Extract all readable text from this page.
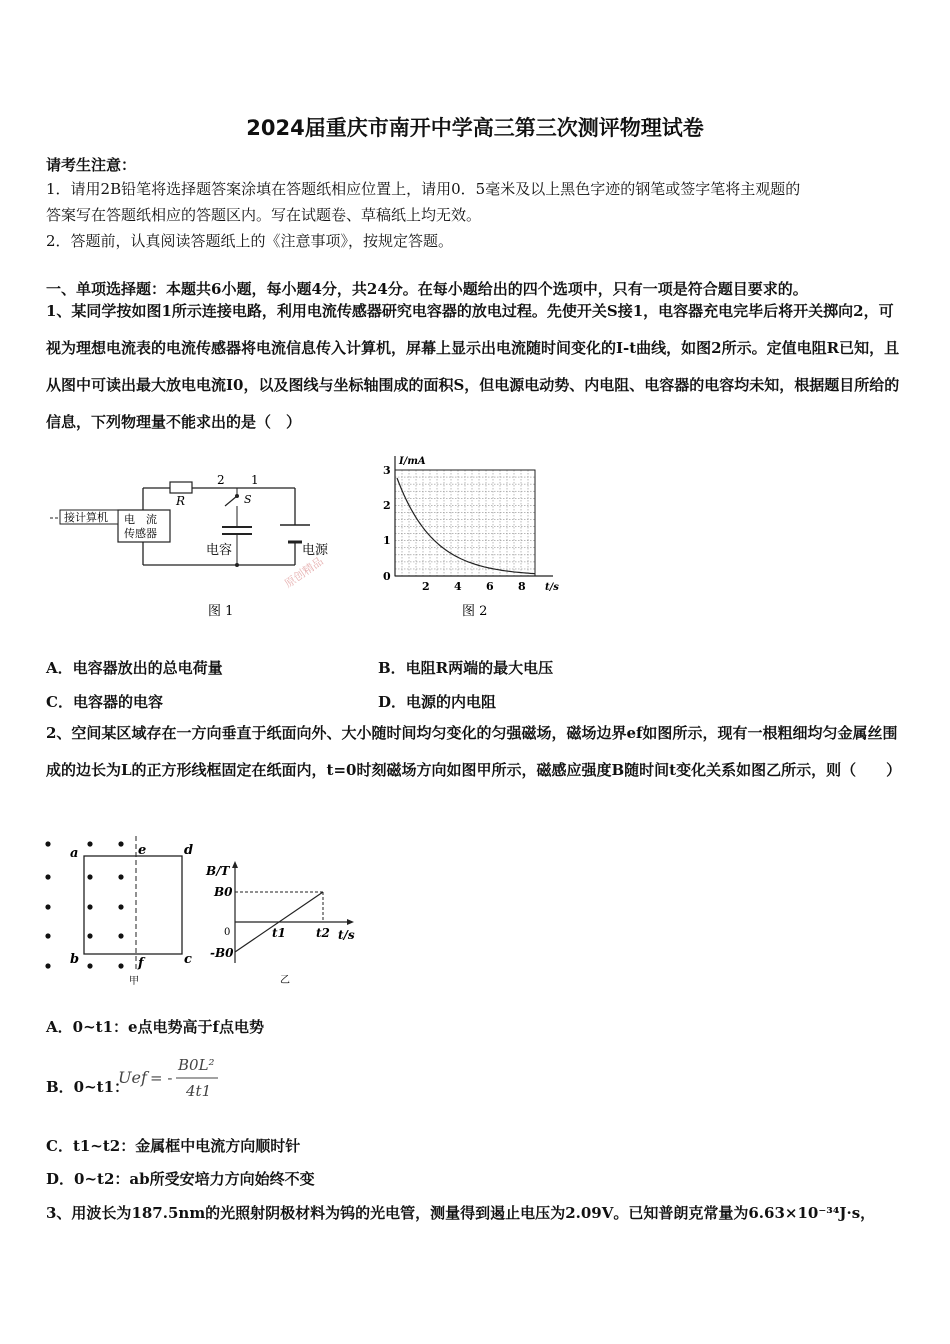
2024届重庆市南开中学高三第三次测评物理试卷
请考生注意：
1．请用2B铅笔将选择题答案涂填在答题纸相应位置上，请用0．5毫米及以上黑色字迹的钢笔或签字笔将主观题的
答案写在答题纸相应的答题区内。写在试题卷、草稿纸上均无效。
2．答题前，认真阅读答题纸上的《注意事项》，按规定答题。
一、单项选择题：本题共6小题，每小题4分，共24分。在每小题给出的四个选项中，只有一项是符合题目要求的。
1、某同学按如图1所示连接电路，利用电流传感器研究电容器的放电过程。先使开关S接1，电容器充电完毕后将开关掷向2，可视为理想电流表的电流传感器将电流信息传入计算机，屏幕上显示出电流随时间变化的I-t曲线，如图2所示。定值电阻R已知，且从图中可读出最大放电电流I0，以及图线与坐标轴围成的面积S，但电源电动势、内电阻、电容器的电容均未知，根据题目所给的信息，下列物理量不能求出的是（　）
接计算机 电　流
传感器
R
2 1
S
电容	电源
图 1
原创精品
I/mA
t/s
3
2
1
0
2 4 6 8
图 2
A．电容器放出的总电荷量	B．电阻R两端的最大电压
C．电容器的电容	D．电源的内电阻
2、空间某区域存在一方向垂直于纸面向外、大小随时间均匀变化的匀强磁场，磁场边界ef如图所示，现有一根粗细均匀金属丝围成的边长为L的正方形线框固定在纸面内，t=0时刻磁场方向如图甲所示，磁感应强度B随时间t变化关系如图乙所示，则（　　）
a	e	d
b	f	c
甲
B/T
B0
0
-B0
t1	t2 t/s
乙
A．0~t1：e点电势高于f点电势
B．0~t1：
Uef = -
B0L²
4t1
C．t1~t2：金属框中电流方向顺时针
D．0~t2：ab所受安培力方向始终不变
3、用波长为187.5nm的光照射阴极材料为钨的光电管，测量得到遏止电压为2.09V。已知普朗克常量为6.63×10⁻³⁴J·s，
